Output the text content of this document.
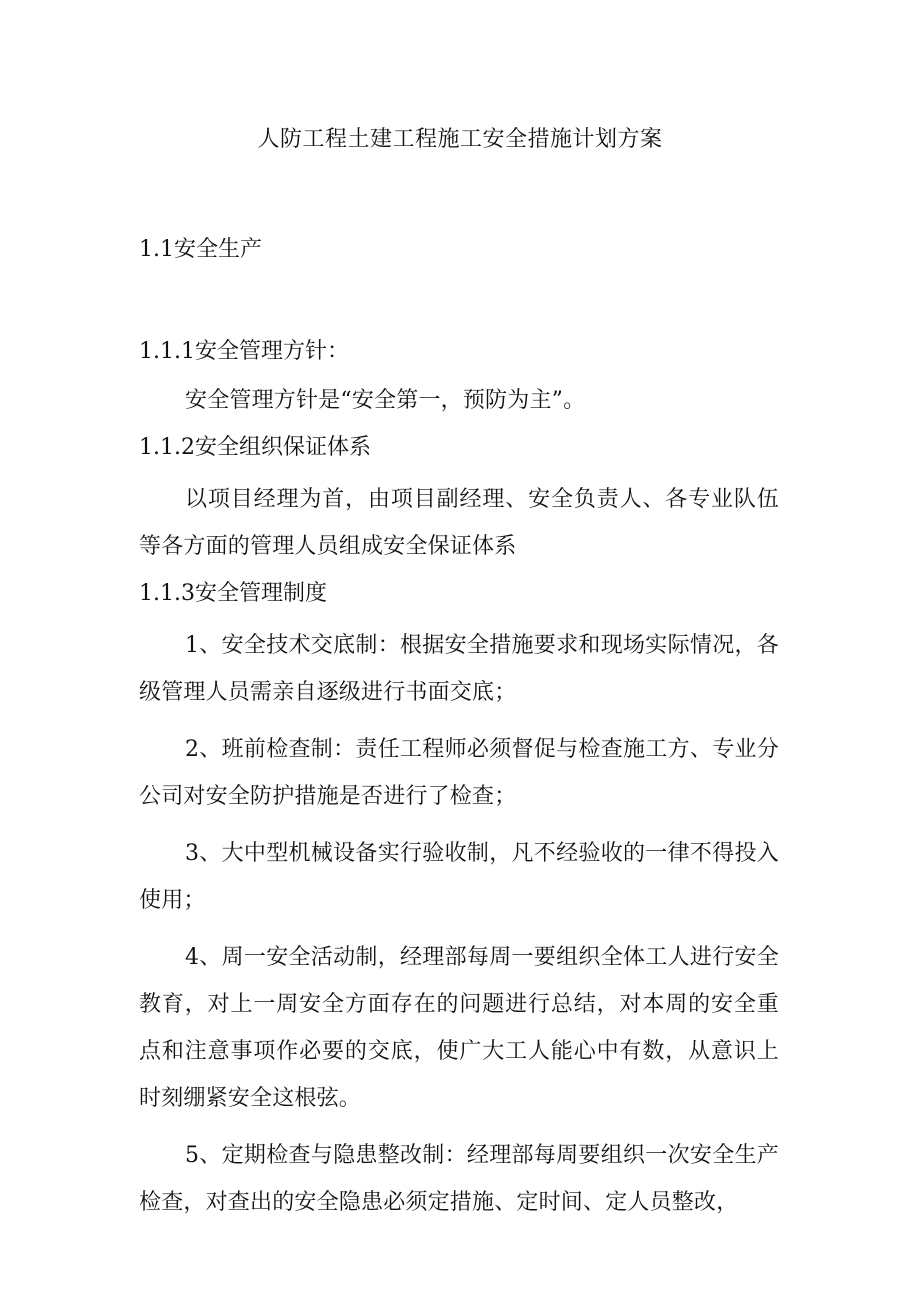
人防工程土建工程施工安全措施计划方案

1.1安全生产

1.1.1安全管理方针：

安全管理方针是“安全第一，预防为主”。

1.1.2安全组织保证体系

以项目经理为首，由项目副经理、安全负责人、各专业队伍等各方面的管理人员组成安全保证体系

1.1.3安全管理制度

1、安全技术交底制：根据安全措施要求和现场实际情况，各级管理人员需亲自逐级进行书面交底；

2、班前检查制：责任工程师必须督促与检查施工方、专业分公司对安全防护措施是否进行了检查；

3、大中型机械设备实行验收制，凡不经验收的一律不得投入使用；

4、周一安全活动制，经理部每周一要组织全体工人进行安全教育，对上一周安全方面存在的问题进行总结，对本周的安全重点和注意事项作必要的交底，使广大工人能心中有数，从意识上时刻绷紧安全这根弦。

5、定期检查与隐患整改制：经理部每周要组织一次安全生产检查，对查出的安全隐患必须定措施、定时间、定人员整改，
